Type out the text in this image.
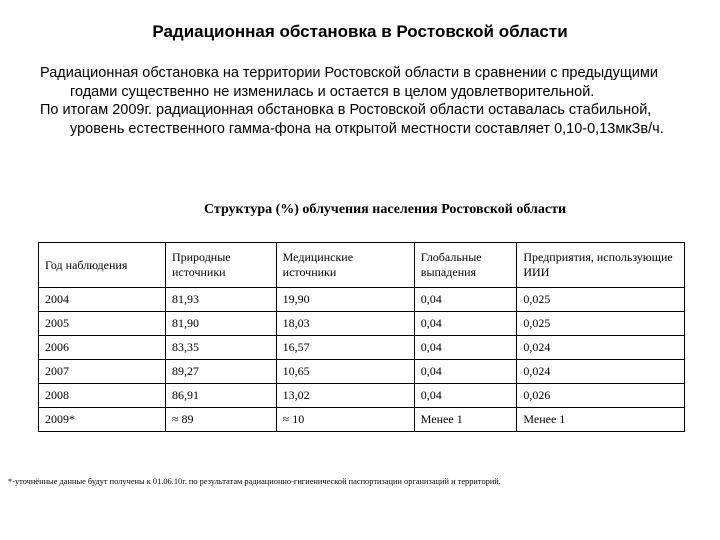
Радиационная обстановка в Ростовской области

Радиационная обстановка на территории Ростовской области в сравнении с предыдущими годами существенно не изменилась и остается в целом удовлетворительной.

По итогам 2009г. радиационная обстановка в Ростовской области оставалась стабильной, уровень естественного гамма-фона на открытой местности составляет 0,10-0,13мкЗв/ч.

Структура (%) облучения населения Ростовской области
Год наблюдения	Природные источники	Медицинские источники	Глобальные выпадения	Предприятия, использующие ИИИ
2004	81,93	19,90	0,04	0,025
2005	81,90	18,03	0,04	0,025
2006	83,35	16,57	0,04	0,024
2007	89,27	10,65	0,04	0,024
2008	86,91	13,02	0,04	0,026
2009*	≈ 89	≈ 10	Менее 1	Менее 1
*-уточнённые данные будут получены к 01.06.10г. по результатам радиационно-гигиенической паспортизации организаций и территорий.
